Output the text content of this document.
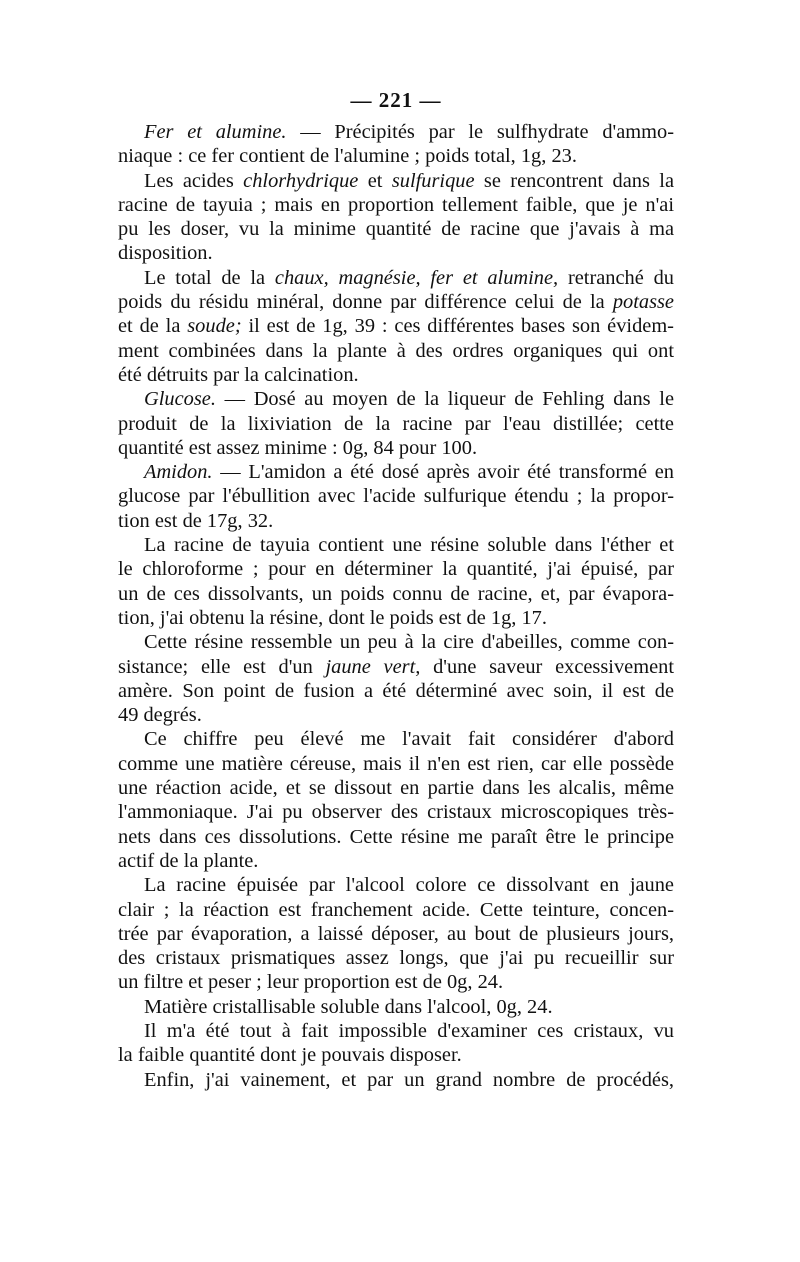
— 221 —
Fer et alumine. — Précipités par le sulfhydrate d'ammo-
niaque : ce fer contient de l'alumine ; poids total, 1g, 23.
Les acides chlorhydrique et sulfurique se rencontrent dans la
racine de tayuia ; mais en proportion tellement faible, que je n'ai
pu les doser, vu la minime quantité de racine que j'avais à ma
disposition.
Le total de la chaux, magnésie, fer et alumine, retranché du
poids du résidu minéral, donne par différence celui de la potasse
et de la soude; il est de 1g, 39 : ces différentes bases son évidem-
ment combinées dans la plante à des ordres organiques qui ont
été détruits par la calcination.
Glucose. — Dosé au moyen de la liqueur de Fehling dans le
produit de la lixiviation de la racine par l'eau distillée; cette
quantité est assez minime : 0g, 84 pour 100.
Amidon. — L'amidon a été dosé après avoir été transformé en
glucose par l'ébullition avec l'acide sulfurique étendu ; la propor-
tion est de 17g, 32.
La racine de tayuia contient une résine soluble dans l'éther et
le chloroforme ; pour en déterminer la quantité, j'ai épuisé, par
un de ces dissolvants, un poids connu de racine, et, par évapora-
tion, j'ai obtenu la résine, dont le poids est de 1g, 17.
Cette résine ressemble un peu à la cire d'abeilles, comme con-
sistance; elle est d'un jaune vert, d'une saveur excessivement
amère. Son point de fusion a été déterminé avec soin, il est de
49 degrés.
Ce chiffre peu élevé me l'avait fait considérer d'abord
comme une matière céreuse, mais il n'en est rien, car elle possède
une réaction acide, et se dissout en partie dans les alcalis, même
l'ammoniaque. J'ai pu observer des cristaux microscopiques très-
nets dans ces dissolutions. Cette résine me paraît être le principe
actif de la plante.
La racine épuisée par l'alcool colore ce dissolvant en jaune
clair ; la réaction est franchement acide. Cette teinture, concen-
trée par évaporation, a laissé déposer, au bout de plusieurs jours,
des cristaux prismatiques assez longs, que j'ai pu recueillir sur
un filtre et peser ; leur proportion est de 0g, 24.
Matière cristallisable soluble dans l'alcool, 0g, 24.
Il m'a été tout à fait impossible d'examiner ces cristaux, vu
la faible quantité dont je pouvais disposer.
Enfin, j'ai vainement, et par un grand nombre de procédés,
